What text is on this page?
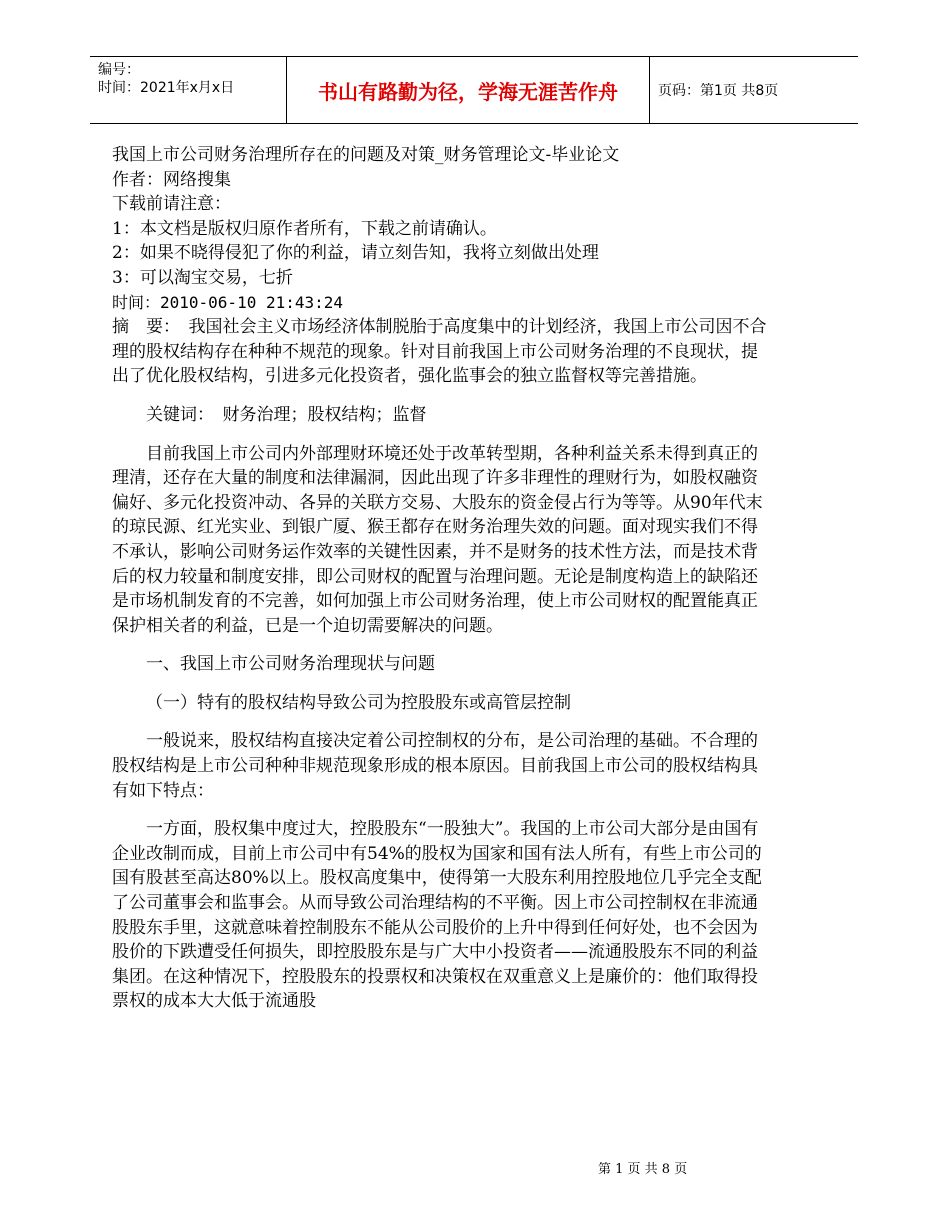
编号：
时间：2021年x月x日	书山有路勤为径，学海无涯苦作舟	页码：第1页 共8页

我国上市公司财务治理所存在的问题及对策_财务管理论文-毕业论文

作者：网络搜集

下载前请注意：

1：本文档是版权归原作者所有，下载之前请确认。

2：如果不晓得侵犯了你的利益，请立刻告知，我将立刻做出处理

3：可以淘宝交易，七折

时间：2010-06-10 21:43:24

摘　要：　我国社会主义市场经济体制脱胎于高度集中的计划经济，我国上市公司因不合理的股权结构存在种种不规范的现象。针对目前我国上市公司财务治理的不良现状，提出了优化股权结构，引进多元化投资者，强化监事会的独立监督权等完善措施。

关键词：　财务治理；股权结构；监督

目前我国上市公司内外部理财环境还处于改革转型期，各种利益关系未得到真正的理清，还存在大量的制度和法律漏洞，因此出现了许多非理性的理财行为，如股权融资偏好、多元化投资冲动、各异的关联方交易、大股东的资金侵占行为等等。从90年代末的琼民源、红光实业、到银广厦、猴王都存在财务治理失效的问题。面对现实我们不得不承认，影响公司财务运作效率的关键性因素，并不是财务的技术性方法，而是技术背后的权力较量和制度安排，即公司财权的配置与治理问题。无论是制度构造上的缺陷还是市场机制发育的不完善，如何加强上市公司财务治理，使上市公司财权的配置能真正保护相关者的利益，已是一个迫切需要解决的问题。

一、我国上市公司财务治理现状与问题

（一）特有的股权结构导致公司为控股股东或高管层控制

一般说来，股权结构直接决定着公司控制权的分布，是公司治理的基础。不合理的股权结构是上市公司种种非规范现象形成的根本原因。目前我国上市公司的股权结构具有如下特点：

一方面，股权集中度过大，控股股东“一股独大”。我国的上市公司大部分是由国有企业改制而成，目前上市公司中有54%的股权为国家和国有法人所有，有些上市公司的国有股甚至高达80%以上。股权高度集中，使得第一大股东利用控股地位几乎完全支配了公司董事会和监事会。从而导致公司治理结构的不平衡。因上市公司控制权在非流通股股东手里，这就意味着控制股东不能从公司股价的上升中得到任何好处，也不会因为股价的下跌遭受任何损失，即控股股东是与广大中小投资者——流通股股东不同的利益集团。在这种情况下，控股股东的投票权和决策权在双重意义上是廉价的：他们取得投票权的成本大大低于流通股

第 1 页 共 8 页
